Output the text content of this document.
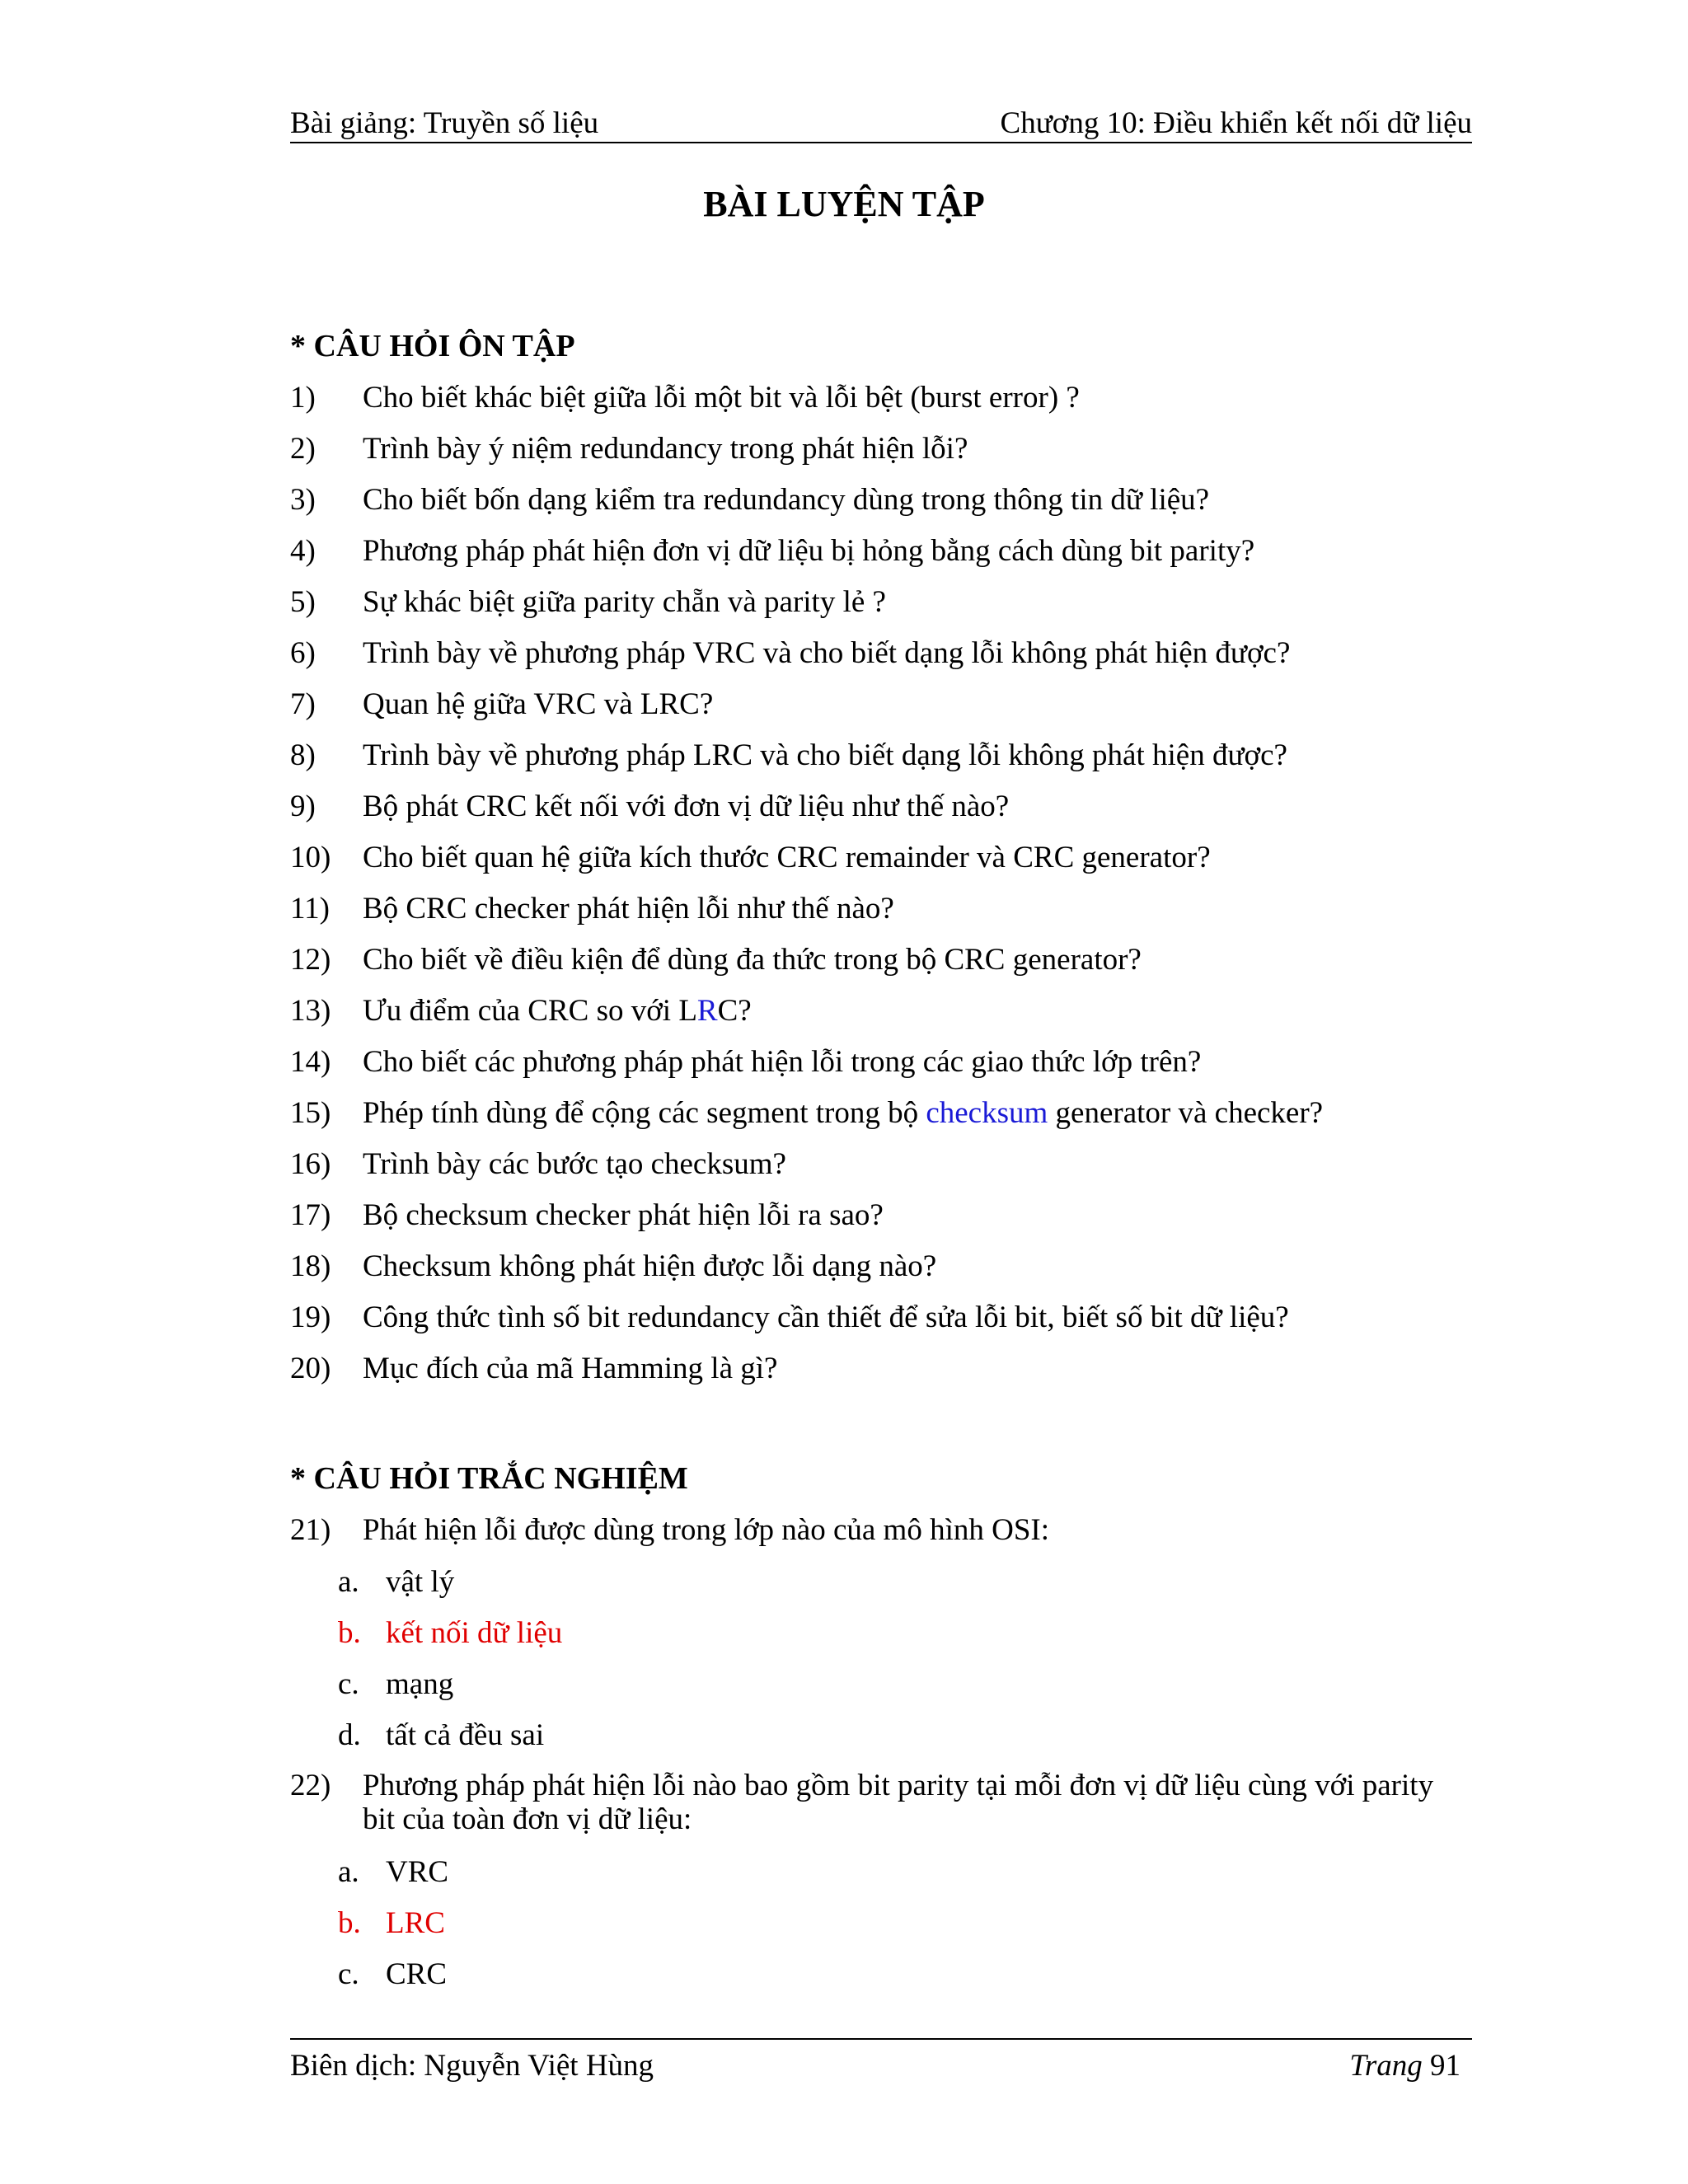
Bài giảng: Truyền số liệu	Chương 10: Điều khiển kết nối dữ liệu
BÀI LUYỆN TẬP
* CÂU HỎI ÔN TẬP
1) Cho biết khác biệt giữa lỗi một bit và lỗi bệt (burst error) ?
2) Trình bày ý niệm redundancy trong phát hiện lỗi?
3) Cho biết bốn dạng kiểm tra redundancy dùng trong thông tin dữ liệu?
4) Phương pháp phát hiện đơn vị dữ liệu bị hỏng bằng cách dùng bit parity?
5) Sự khác biệt giữa parity chẵn và parity lẻ ?
6) Trình bày về phương pháp VRC và cho biết dạng lỗi không phát hiện được?
7) Quan hệ giữa VRC và LRC?
8) Trình bày về phương pháp LRC và cho biết dạng lỗi không phát hiện được?
9) Bộ phát CRC kết nối với đơn vị dữ liệu như thế nào?
10) Cho biết quan hệ giữa kích thước CRC remainder và CRC generator?
11) Bộ CRC checker phát hiện lỗi như thế nào?
12) Cho biết về điều kiện để dùng đa thức trong bộ CRC generator?
13) Ưu điểm của CRC so với LRC?
14) Cho biết các phương pháp phát hiện lỗi trong các giao thức lớp trên?
15) Phép tính dùng để cộng các segment trong bộ checksum generator và checker?
16) Trình bày các bước tạo checksum?
17) Bộ checksum checker phát hiện lỗi ra sao?
18) Checksum không phát hiện được lỗi dạng nào?
19) Công thức tình số bit redundancy cần thiết để sửa lỗi bit, biết số bit dữ liệu?
20) Mục đích của mã Hamming là gì?
* CÂU HỎI TRẮC NGHIỆM
21) Phát hiện lỗi được dùng trong lớp nào của mô hình OSI:
a. vật lý
b. kết nối dữ liệu
c. mạng
d. tất cả đều sai
22) Phương pháp phát hiện lỗi nào bao gồm bit parity tại mỗi đơn vị dữ liệu cùng với parity
bit của toàn đơn vị dữ liệu:
a. VRC
b. LRC
c. CRC
Biên dịch: Nguyễn Việt Hùng	Trang 91
